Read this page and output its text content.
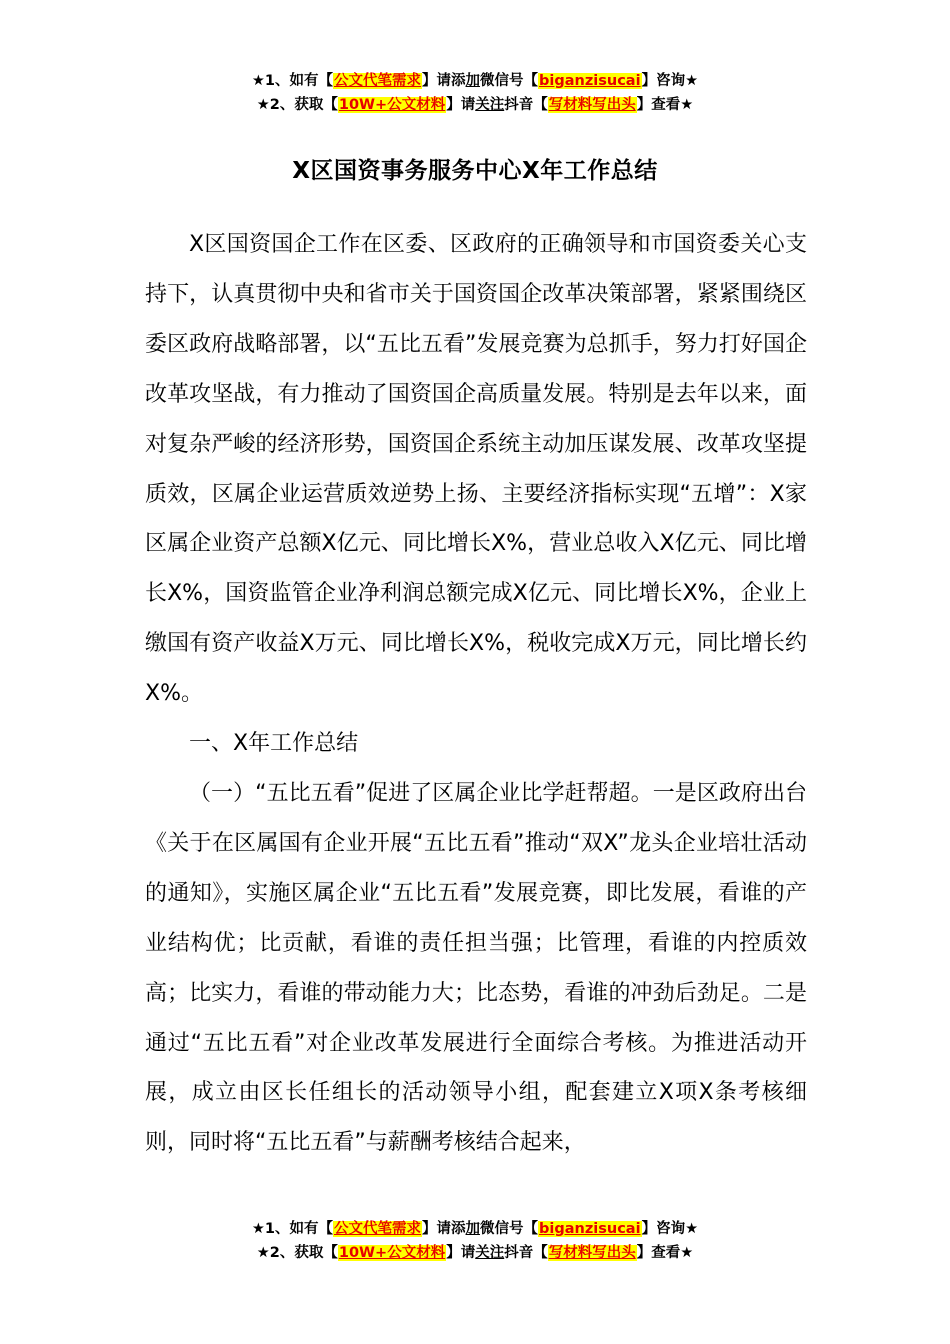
★1、如有【公文代笔需求】请添加微信号【biganzisucai】咨询★
★2、获取【10W+公文材料】请关注抖音【写材料写出头】查看★
X区国资事务服务中心X年工作总结

X区国资国企工作在区委、区政府的正确领导和市国资委关心支持下，认真贯彻中央和省市关于国资国企改革决策部署，紧紧围绕区委区政府战略部署，以“五比五看”发展竞赛为总抓手，努力打好国企改革攻坚战，有力推动了国资国企高质量发展。特别是去年以来，面对复杂严峻的经济形势，国资国企系统主动加压谋发展、改革攻坚提质效，区属企业运营质效逆势上扬、主要经济指标实现“五增”：X家区属企业资产总额X亿元、同比增长X%，营业总收入X亿元、同比增长X%，国资监管企业净利润总额完成X亿元、同比增长X%，企业上缴国有资产收益X万元、同比增长X%，税收完成X万元，同比增长约X%。

一、X年工作总结

（一）“五比五看”促进了区属企业比学赶帮超。一是区政府出台《关于在区属国有企业开展“五比五看”推动“双X”龙头企业培壮活动的通知》，实施区属企业“五比五看”发展竞赛，即比发展，看谁的产业结构优；比贡献，看谁的责任担当强；比管理，看谁的内控质效高；比实力，看谁的带动能力大；比态势，看谁的冲劲后劲足。二是通过“五比五看”对企业改革发展进行全面综合考核。为推进活动开展，成立由区长任组长的活动领导小组，配套建立X项X条考核细则，同时将“五比五看”与薪酬考核结合起来，

★1、如有【公文代笔需求】请添加微信号【biganzisucai】咨询★
★2、获取【10W+公文材料】请关注抖音【写材料写出头】查看★
